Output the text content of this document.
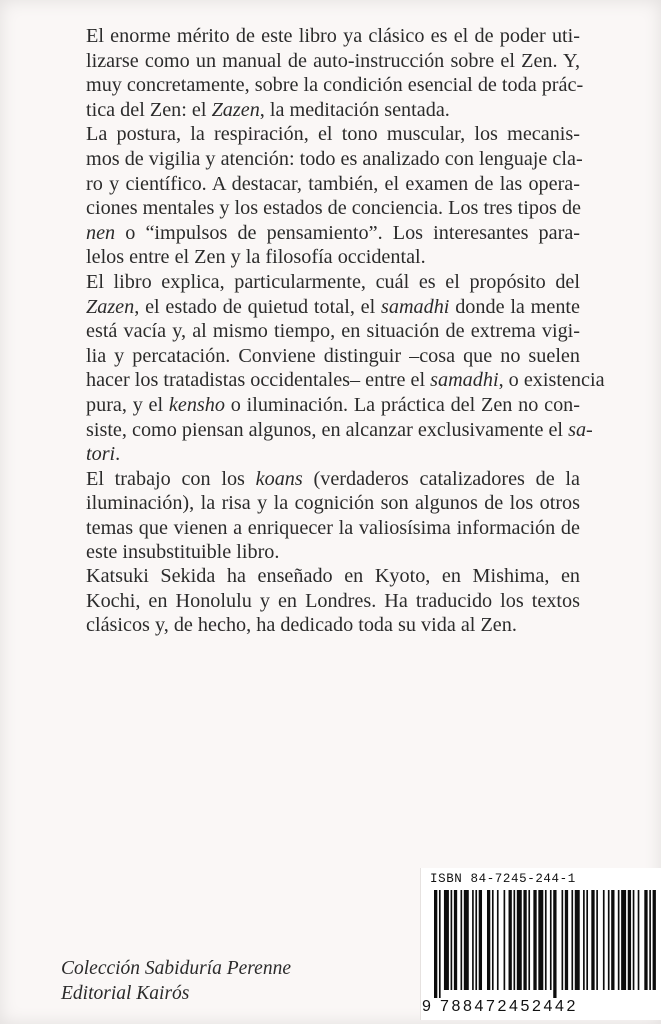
El enorme mérito de este libro ya clásico es el de poder uti-
lizarse como un manual de auto-instrucción sobre el Zen. Y,
muy concretamente, sobre la condición esencial de toda prác-
tica del Zen: el Zazen, la meditación sentada.
La postura, la respiración, el tono muscular, los mecanis-
mos de vigilia y atención: todo es analizado con lenguaje cla-
ro y científico. A destacar, también, el examen de las opera-
ciones mentales y los estados de conciencia. Los tres tipos de
nen o “impulsos de pensamiento”. Los interesantes para-
lelos entre el Zen y la filosofía occidental.
El libro explica, particularmente, cuál es el propósito del
Zazen, el estado de quietud total, el samadhi donde la mente
está vacía y, al mismo tiempo, en situación de extrema vigi-
lia y percatación. Conviene distinguir –cosa que no suelen
hacer los tratadistas occidentales– entre el samadhi, o existencia
pura, y el kensho o iluminación. La práctica del Zen no con-
siste, como piensan algunos, en alcanzar exclusivamente el sa-
tori.
El trabajo con los koans (verdaderos catalizadores de la
iluminación), la risa y la cognición son algunos de los otros
temas que vienen a enriquecer la valiosísima información de
este insubstituible libro.
Katsuki Sekida ha enseñado en Kyoto, en Mishima, en
Kochi, en Honolulu y en Londres. Ha traducido los textos
clásicos y, de hecho, ha dedicado toda su vida al Zen.
Colección Sabiduría Perenne
Editorial Kairós
ISBN 84-7245-244-1
9 788472452442
